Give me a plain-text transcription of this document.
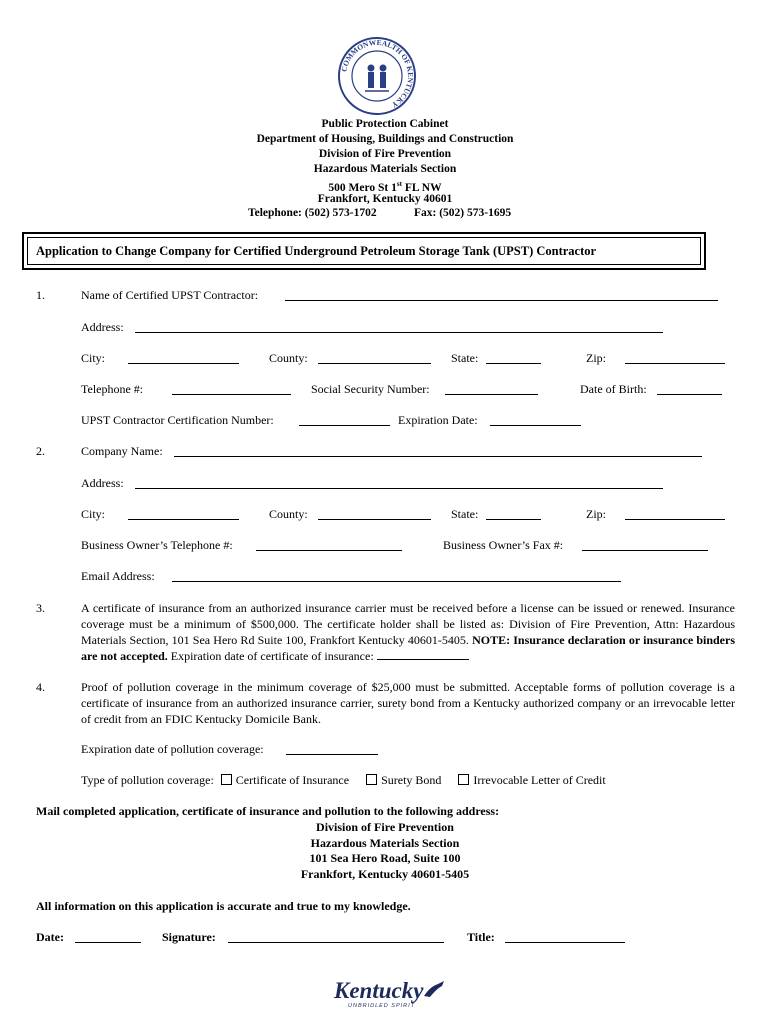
COMMONWEALTH OF KENTUCKY
Public Protection Cabinet
Department of Housing, Buildings and Construction
Division of Fire Prevention
Hazardous Materials Section
500 Mero St 1st FL NW
Frankfort, Kentucky 40601
Telephone: (502) 573-1702	Fax: (502) 573-1695
Application to Change Company for Certified Underground Petroleum Storage Tank (UPST) Contractor
1.	Name of Certified UPST Contractor:
Address:
City:	County:	State:	Zip:
Telephone #:	Social Security Number:	Date of Birth:
UPST Contractor Certification Number:	Expiration Date:
2.	Company Name:
Address:
City:	County:	State:	Zip:
Business Owner’s Telephone #:	Business Owner’s Fax #:
Email Address:
3.	A certificate of insurance from an authorized insurance carrier must be received before a license can be issued or renewed. Insurance coverage must be a minimum of $500,000. The certificate holder shall be listed as: Division of Fire Prevention, Attn: Hazardous Materials Section, 101 Sea Hero Rd Suite 100, Frankfort Kentucky 40601-5405. NOTE: Insurance declaration or insurance binders are not accepted. Expiration date of certificate of insurance:
4.	Proof of pollution coverage in the minimum coverage of $25,000 must be submitted. Acceptable forms of pollution coverage is a certificate of insurance from an authorized insurance carrier, surety bond from a Kentucky authorized company or an irrevocable letter of credit from an FDIC Kentucky Domicile Bank.
Expiration date of pollution coverage:
Type of pollution coverage: Certificate of Insurance	Surety Bond	Irrevocable Letter of Credit
Mail completed application, certificate of insurance and pollution to the following address:
Division of Fire Prevention
Hazardous Materials Section
101 Sea Hero Road, Suite 100
Frankfort, Kentucky 40601-5405
All information on this application is accurate and true to my knowledge.
Date:	Signature:	Title:
Kentucky
UNBRIDLED SPIRIT
